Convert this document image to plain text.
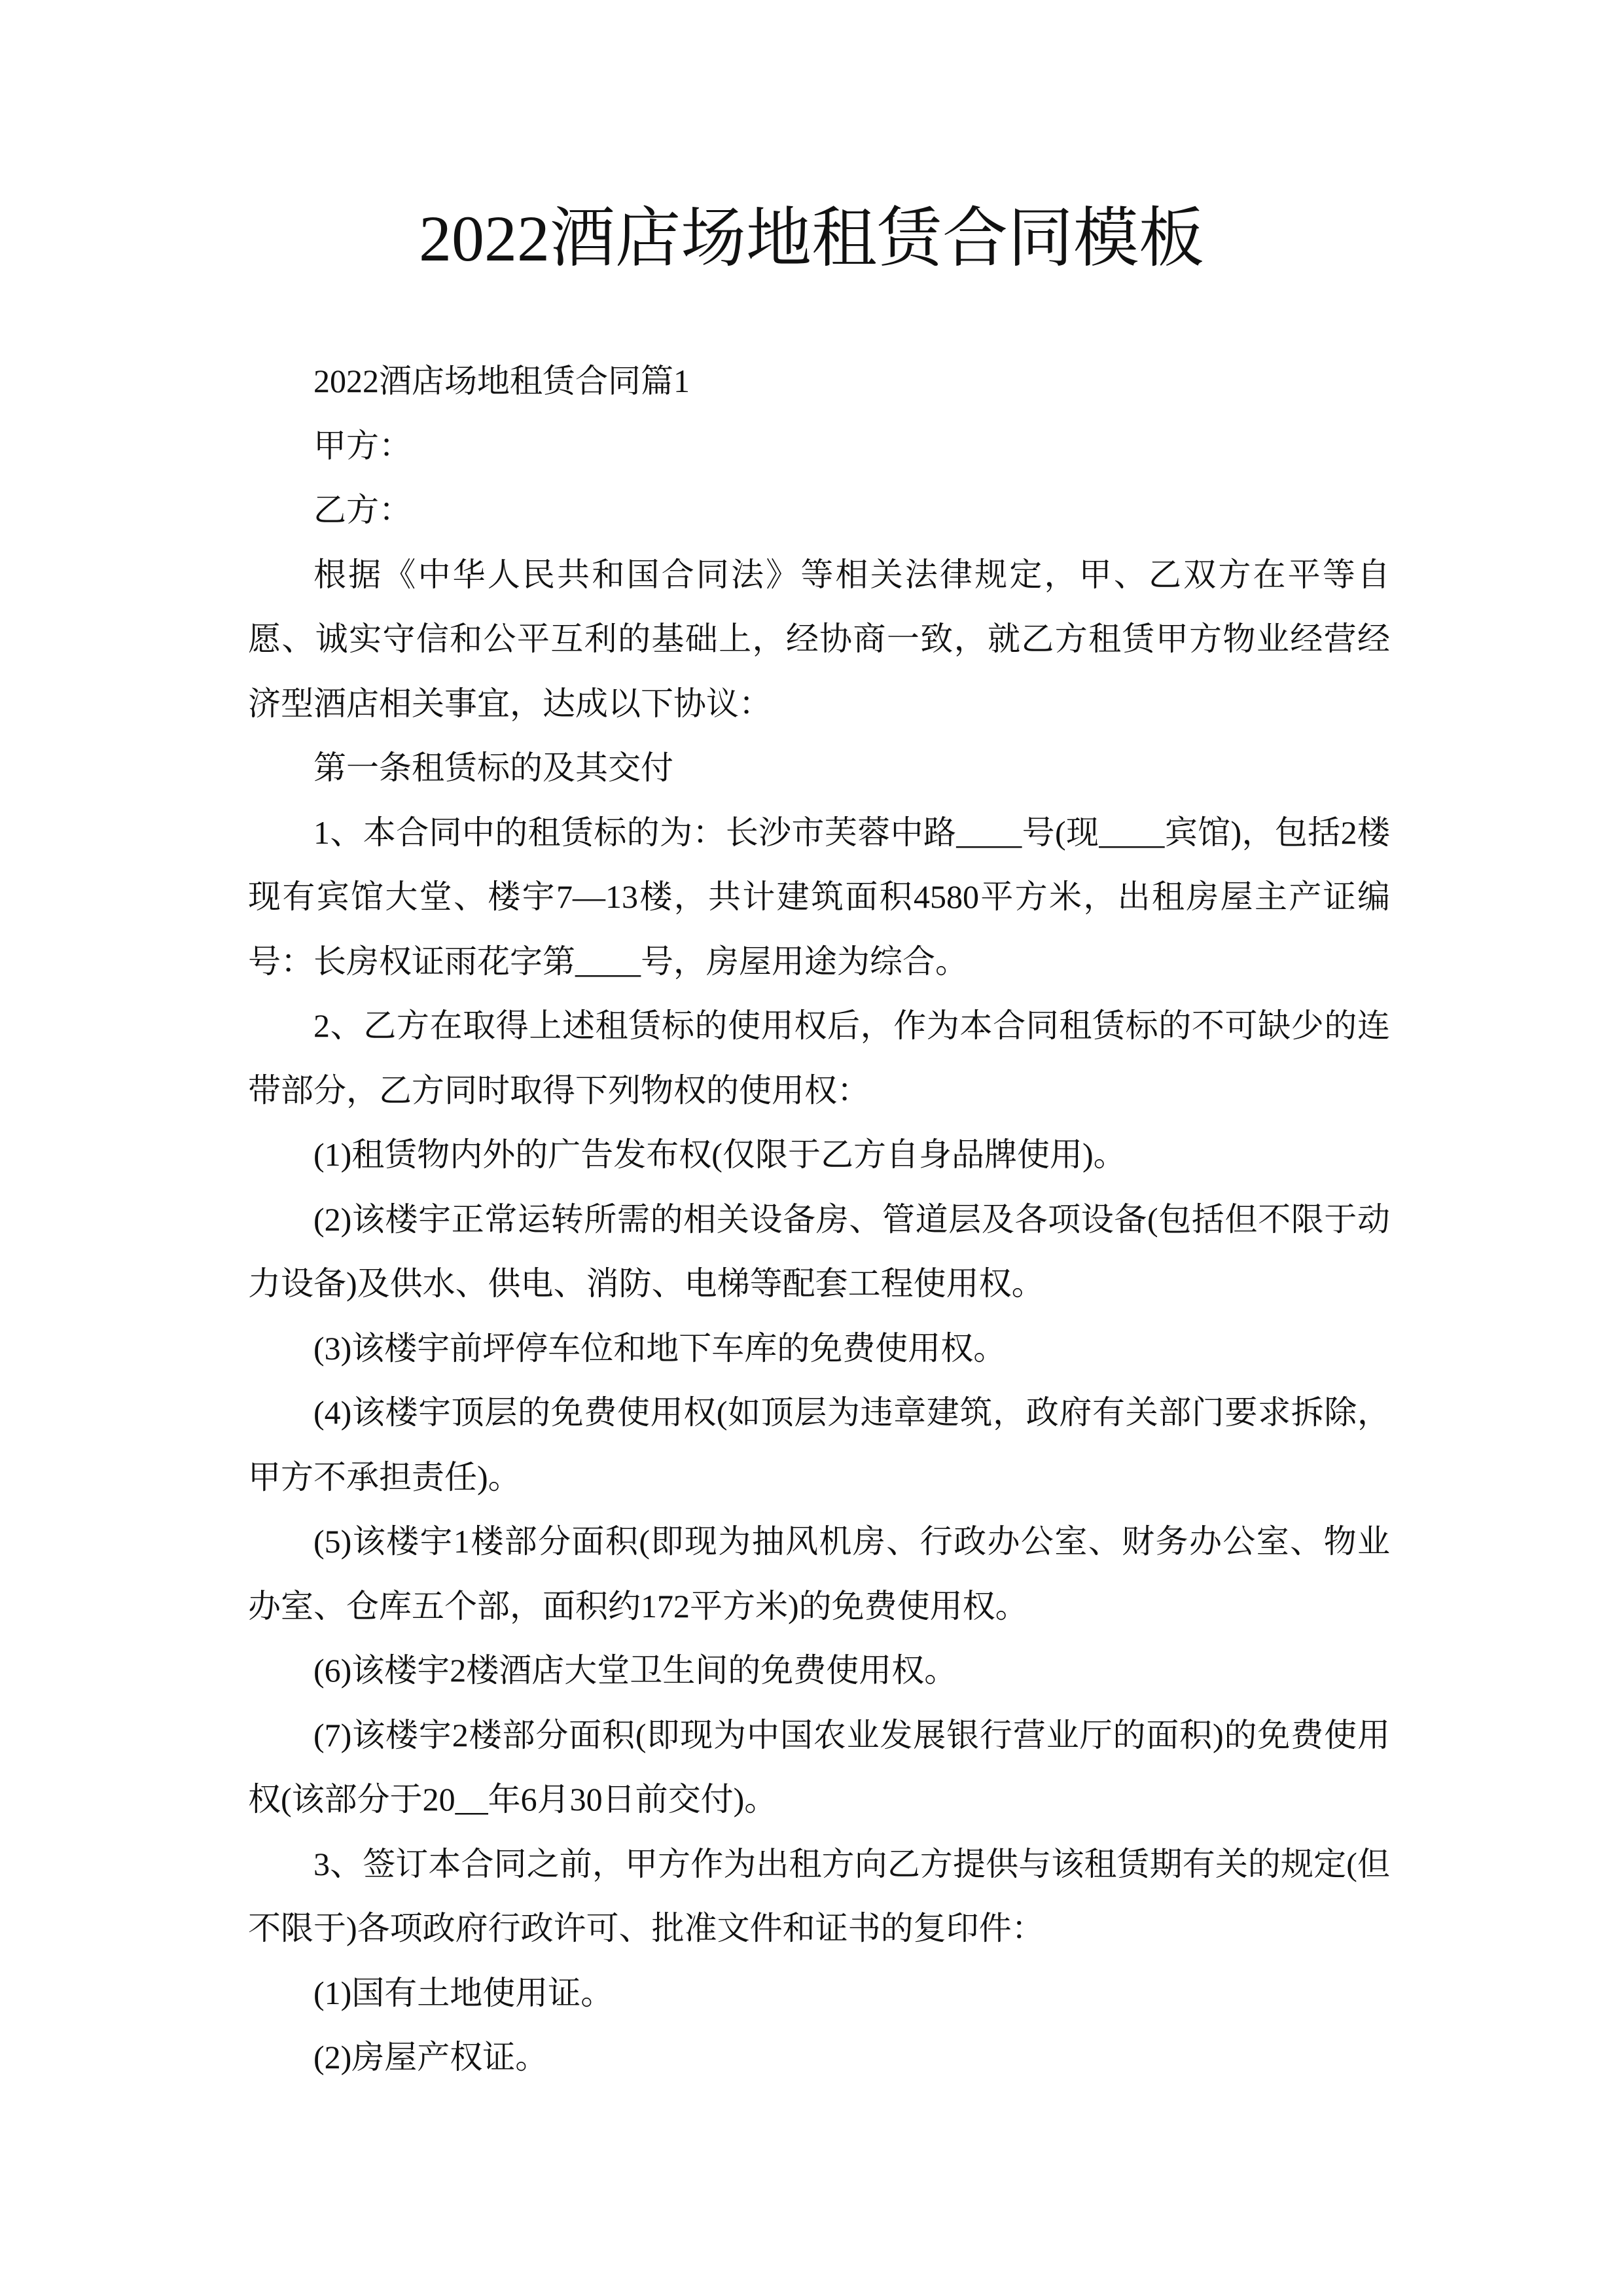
2022酒店场地租赁合同模板

2022酒店场地租赁合同篇1

甲方：

乙方：

根据《中华人民共和国合同法》等相关法律规定，甲、乙双方在平等自愿、诚实守信和公平互利的基础上，经协商一致，就乙方租赁甲方物业经营经济型酒店相关事宜，达成以下协议：

第一条租赁标的及其交付

1、本合同中的租赁标的为：长沙市芙蓉中路____号(现____宾馆)，包括2楼现有宾馆大堂、楼宇7—13楼，共计建筑面积4580平方米，出租房屋主产证编号：长房权证雨花字第____号，房屋用途为综合。

2、乙方在取得上述租赁标的使用权后，作为本合同租赁标的不可缺少的连带部分，乙方同时取得下列物权的使用权：

(1)租赁物内外的广告发布权(仅限于乙方自身品牌使用)。

(2)该楼宇正常运转所需的相关设备房、管道层及各项设备(包括但不限于动力设备)及供水、供电、消防、电梯等配套工程使用权。

(3)该楼宇前坪停车位和地下车库的免费使用权。

(4)该楼宇顶层的免费使用权(如顶层为违章建筑，政府有关部门要求拆除，甲方不承担责任)。

(5)该楼宇1楼部分面积(即现为抽风机房、行政办公室、财务办公室、物业办室、仓库五个部，面积约172平方米)的免费使用权。

(6)该楼宇2楼酒店大堂卫生间的免费使用权。

(7)该楼宇2楼部分面积(即现为中国农业发展银行营业厅的面积)的免费使用权(该部分于20__年6月30日前交付)。

3、签订本合同之前，甲方作为出租方向乙方提供与该租赁期有关的规定(但不限于)各项政府行政许可、批准文件和证书的复印件：

(1)国有土地使用证。

(2)房屋产权证。
